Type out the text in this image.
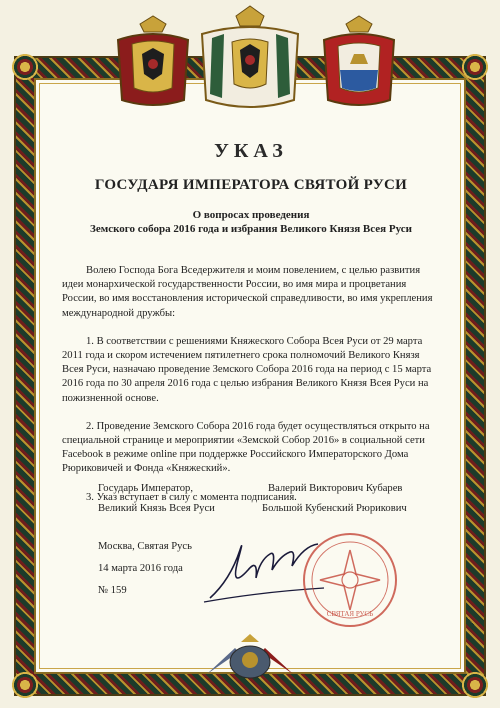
УКАЗ
ГОСУДАРЯ ИМПЕРАТОРА СВЯТОЙ РУСИ
О вопросах проведения
Земского собора 2016 года и избрания Великого Князя Всея Руси

Волею Господа Бога Вседержителя и моим повелением, с целью развития идеи монархической государственности России, во имя мира и процветания России, во имя восстановления исторической справедливости, во имя укрепления международной дружбы:

1. В соответствии с решениями Княжеского Собора Всея Руси от 29 марта 2011 года и скором истечением пятилетнего срока полномочий Великого Князя Всея Руси, назначаю проведение Земского Собора 2016 года на период с 15 марта 2016 года по 30 апреля 2016 года с целью избрания Великого Князя Всея Руси на пожизненной основе.

2. Проведение Земского Собора 2016 года будет осуществляться открыто на специальной странице и мероприятии «Земской Собор 2016» в социальной сети Facebook в режиме online при поддержке Российского Императорского Дома Рюриковичей и Фонда «Княжеский».

3. Указ вступает в силу с момента подписания.

Государь Император,
Великий Князь Всея Руси
Валерий Викторович Кубарев
Большой Кубенский Рюрикович
Москва, Святая Русь
14 марта 2016 года
№ 159
СВЯТАЯ РУСЬ
